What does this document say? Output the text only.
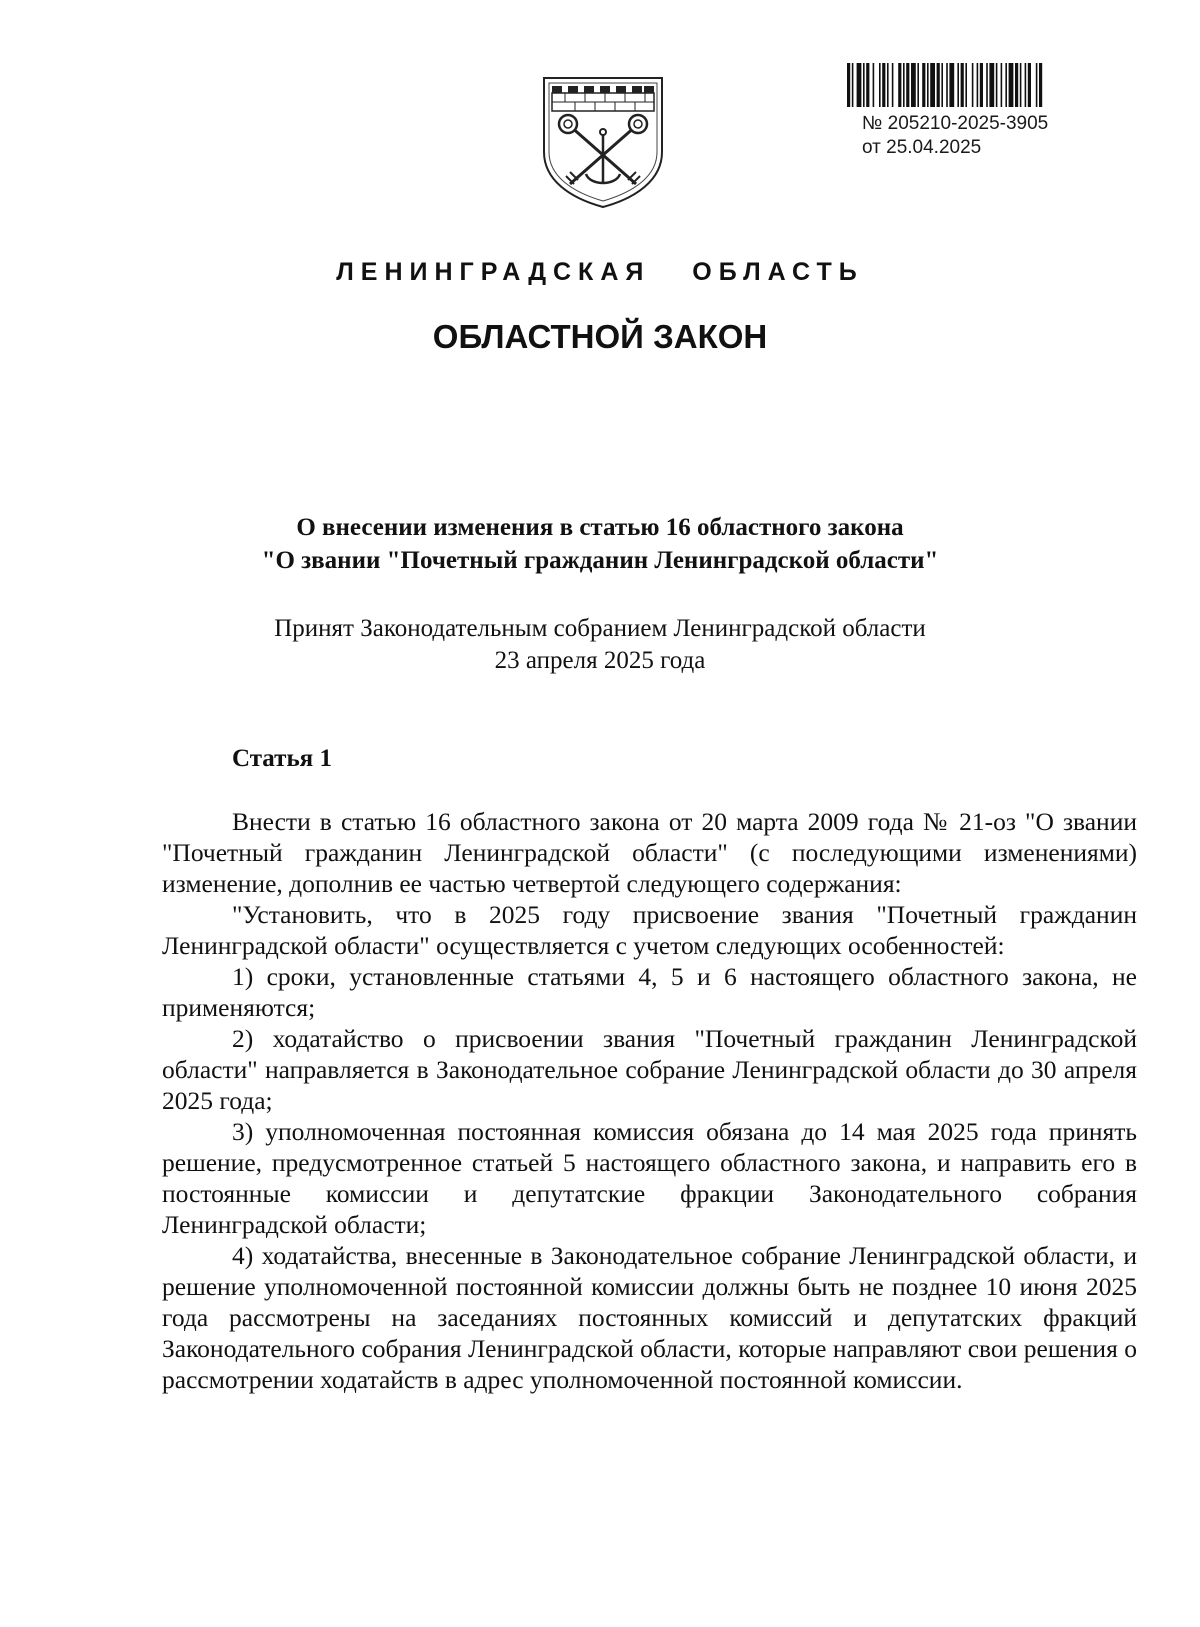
№ 205210-2025-3905
от 25.04.2025
ЛЕНИНГРАДСКАЯ ОБЛАСТЬ
ОБЛАСТНОЙ ЗАКОН
О внесении изменения в статью 16 областного закона
"О звании "Почетный гражданин Ленинградской области"
Принят Законодательным собранием Ленинградской области
23 апреля 2025 года
Статья 1

Внести в статью 16 областного закона от 20 марта 2009 года № 21-оз "О звании "Почетный гражданин Ленинградской области" (с последующими изменениями) изменение, дополнив ее частью четвертой следующего содержания:

"Установить, что в 2025 году присвоение звания "Почетный гражданин Ленинградской области" осуществляется с учетом следующих особенностей:

1) сроки, установленные статьями 4, 5 и 6 настоящего областного закона, не применяются;

2) ходатайство о присвоении звания "Почетный гражданин Ленинградской области" направляется в Законодательное собрание Ленинградской области до 30 апреля 2025 года;

3) уполномоченная постоянная комиссия обязана до 14 мая 2025 года принять решение, предусмотренное статьей 5 настоящего областного закона, и направить его в постоянные комиссии и депутатские фракции Законодательного собрания Ленинградской области;

4) ходатайства, внесенные в Законодательное собрание Ленинградской области, и решение уполномоченной постоянной комиссии должны быть не позднее 10 июня 2025 года рассмотрены на заседаниях постоянных комиссий и депутатских фракций Законодательного собрания Ленинградской области, которые направляют свои решения о рассмотрении ходатайств в адрес уполномоченной постоянной комиссии.
